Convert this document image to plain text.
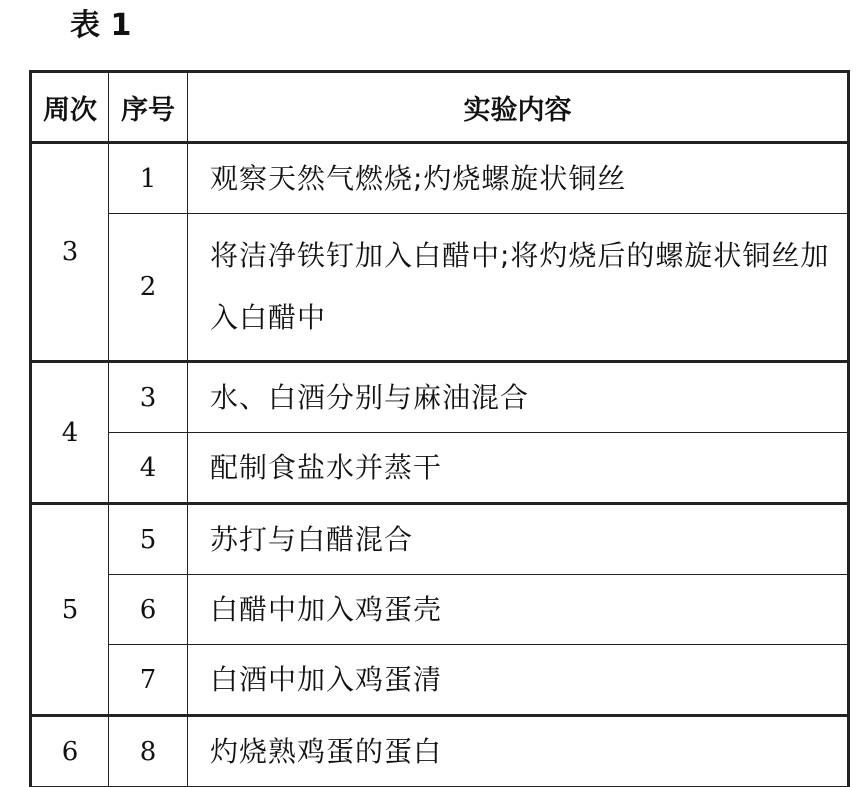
表 1
周次	序号	实验内容
3	1	观察天然气燃烧;灼烧螺旋状铜丝
	2	将洁净铁钉加入白醋中;将灼烧后的螺旋状铜丝加入白醋中
4	3	水、白酒分别与麻油混合
	4	配制食盐水并蒸干
5	5	苏打与白醋混合
	6	白醋中加入鸡蛋壳
	7	白酒中加入鸡蛋清
6	8	灼烧熟鸡蛋的蛋白
